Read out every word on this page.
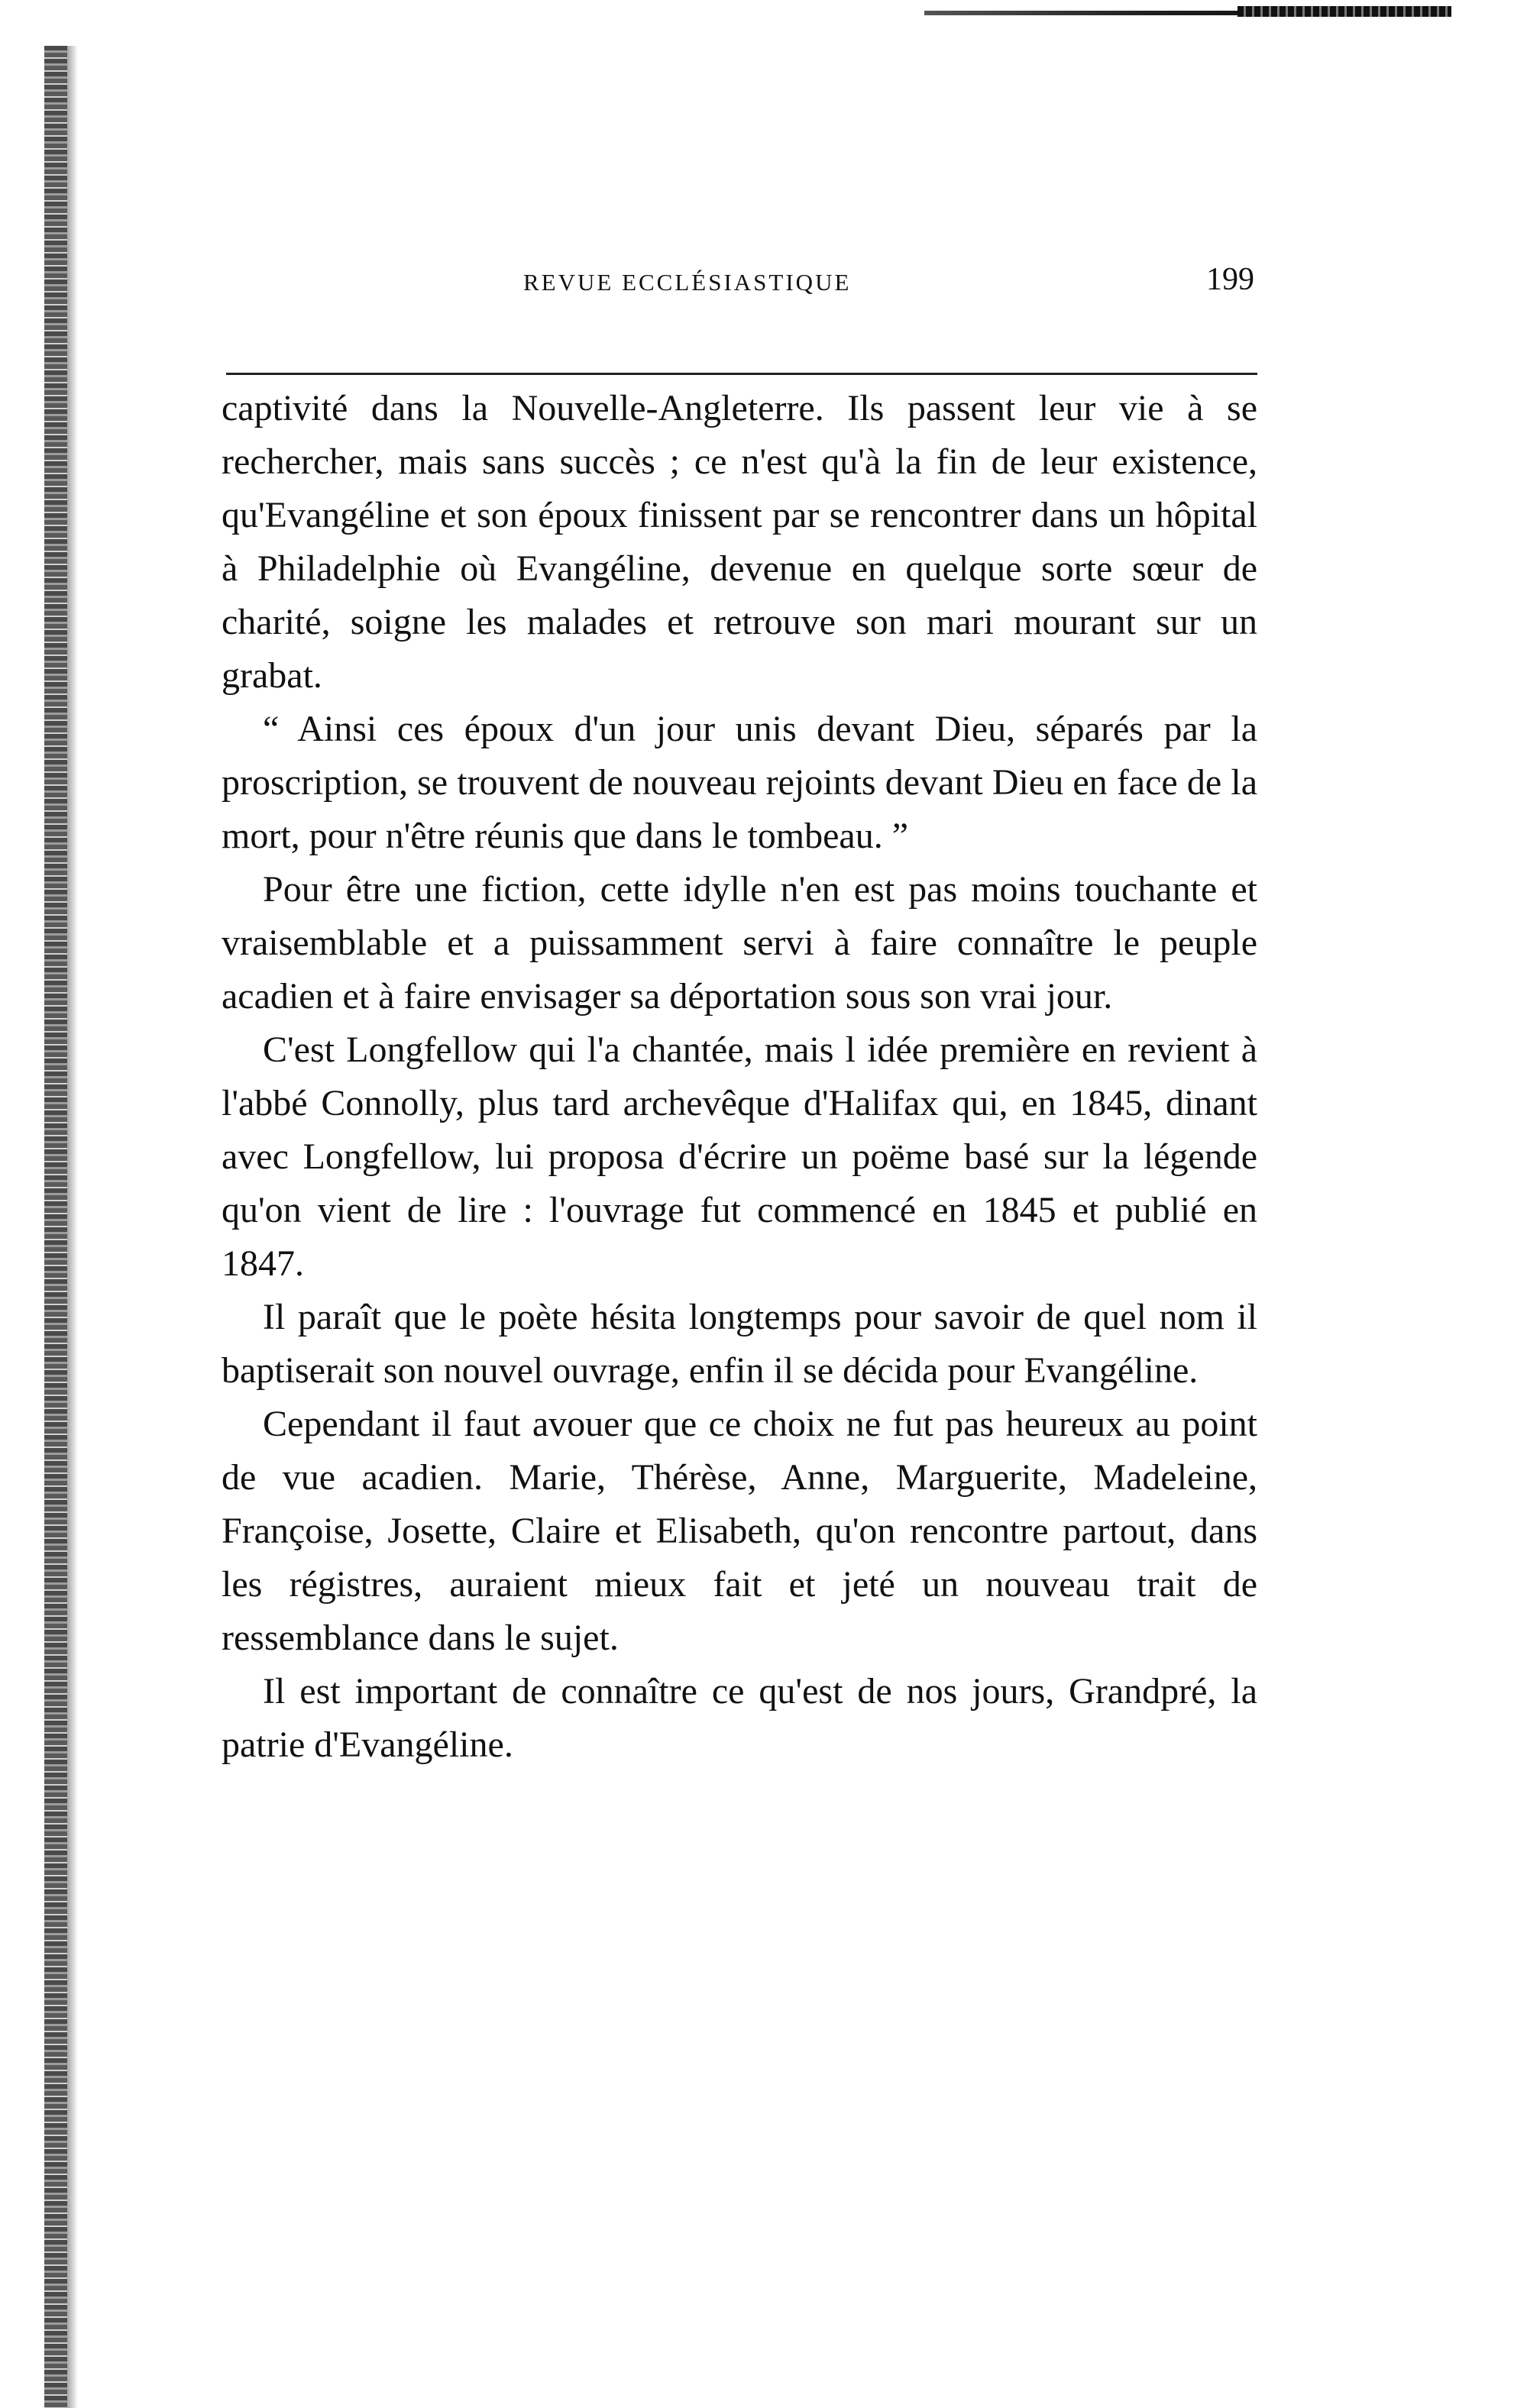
REVUE ECCLÉSIASTIQUE	199

captivité dans la Nouvelle-Angleterre. Ils passent leur vie à se rechercher, mais sans succès ; ce n'est qu'à la fin de leur existence, qu'Evangéline et son époux finissent par se rencontrer dans un hôpital à Philadelphie où Evangéline, devenue en quelque sorte sœur de charité, soigne les malades et retrouve son mari mourant sur un grabat.

“ Ainsi ces époux d'un jour unis devant Dieu, séparés par la proscription, se trouvent de nouveau rejoints devant Dieu en face de la mort, pour n'être réunis que dans le tombeau. ”

Pour être une fiction, cette idylle n'en est pas moins touchante et vraisemblable et a puissamment servi à faire connaître le peuple acadien et à faire envisager sa déportation sous son vrai jour.

C'est Longfellow qui l'a chantée, mais l idée première en revient à l'abbé Connolly, plus tard archevêque d'Halifax qui, en 1845, dinant avec Longfellow, lui proposa d'écrire un poëme basé sur la légende qu'on vient de lire : l'ouvrage fut commencé en 1845 et publié en 1847.

Il paraît que le poète hésita longtemps pour savoir de quel nom il baptiserait son nouvel ouvrage, enfin il se décida pour Evangéline.

Cependant il faut avouer que ce choix ne fut pas heureux au point de vue acadien. Marie, Thérèse, Anne, Marguerite, Madeleine, Françoise, Josette, Claire et Elisabeth, qu'on rencontre partout, dans les régistres, auraient mieux fait et jeté un nouveau trait de ressemblance dans le sujet.

Il est important de connaître ce qu'est de nos jours, Grandpré, la patrie d'Evangéline.
